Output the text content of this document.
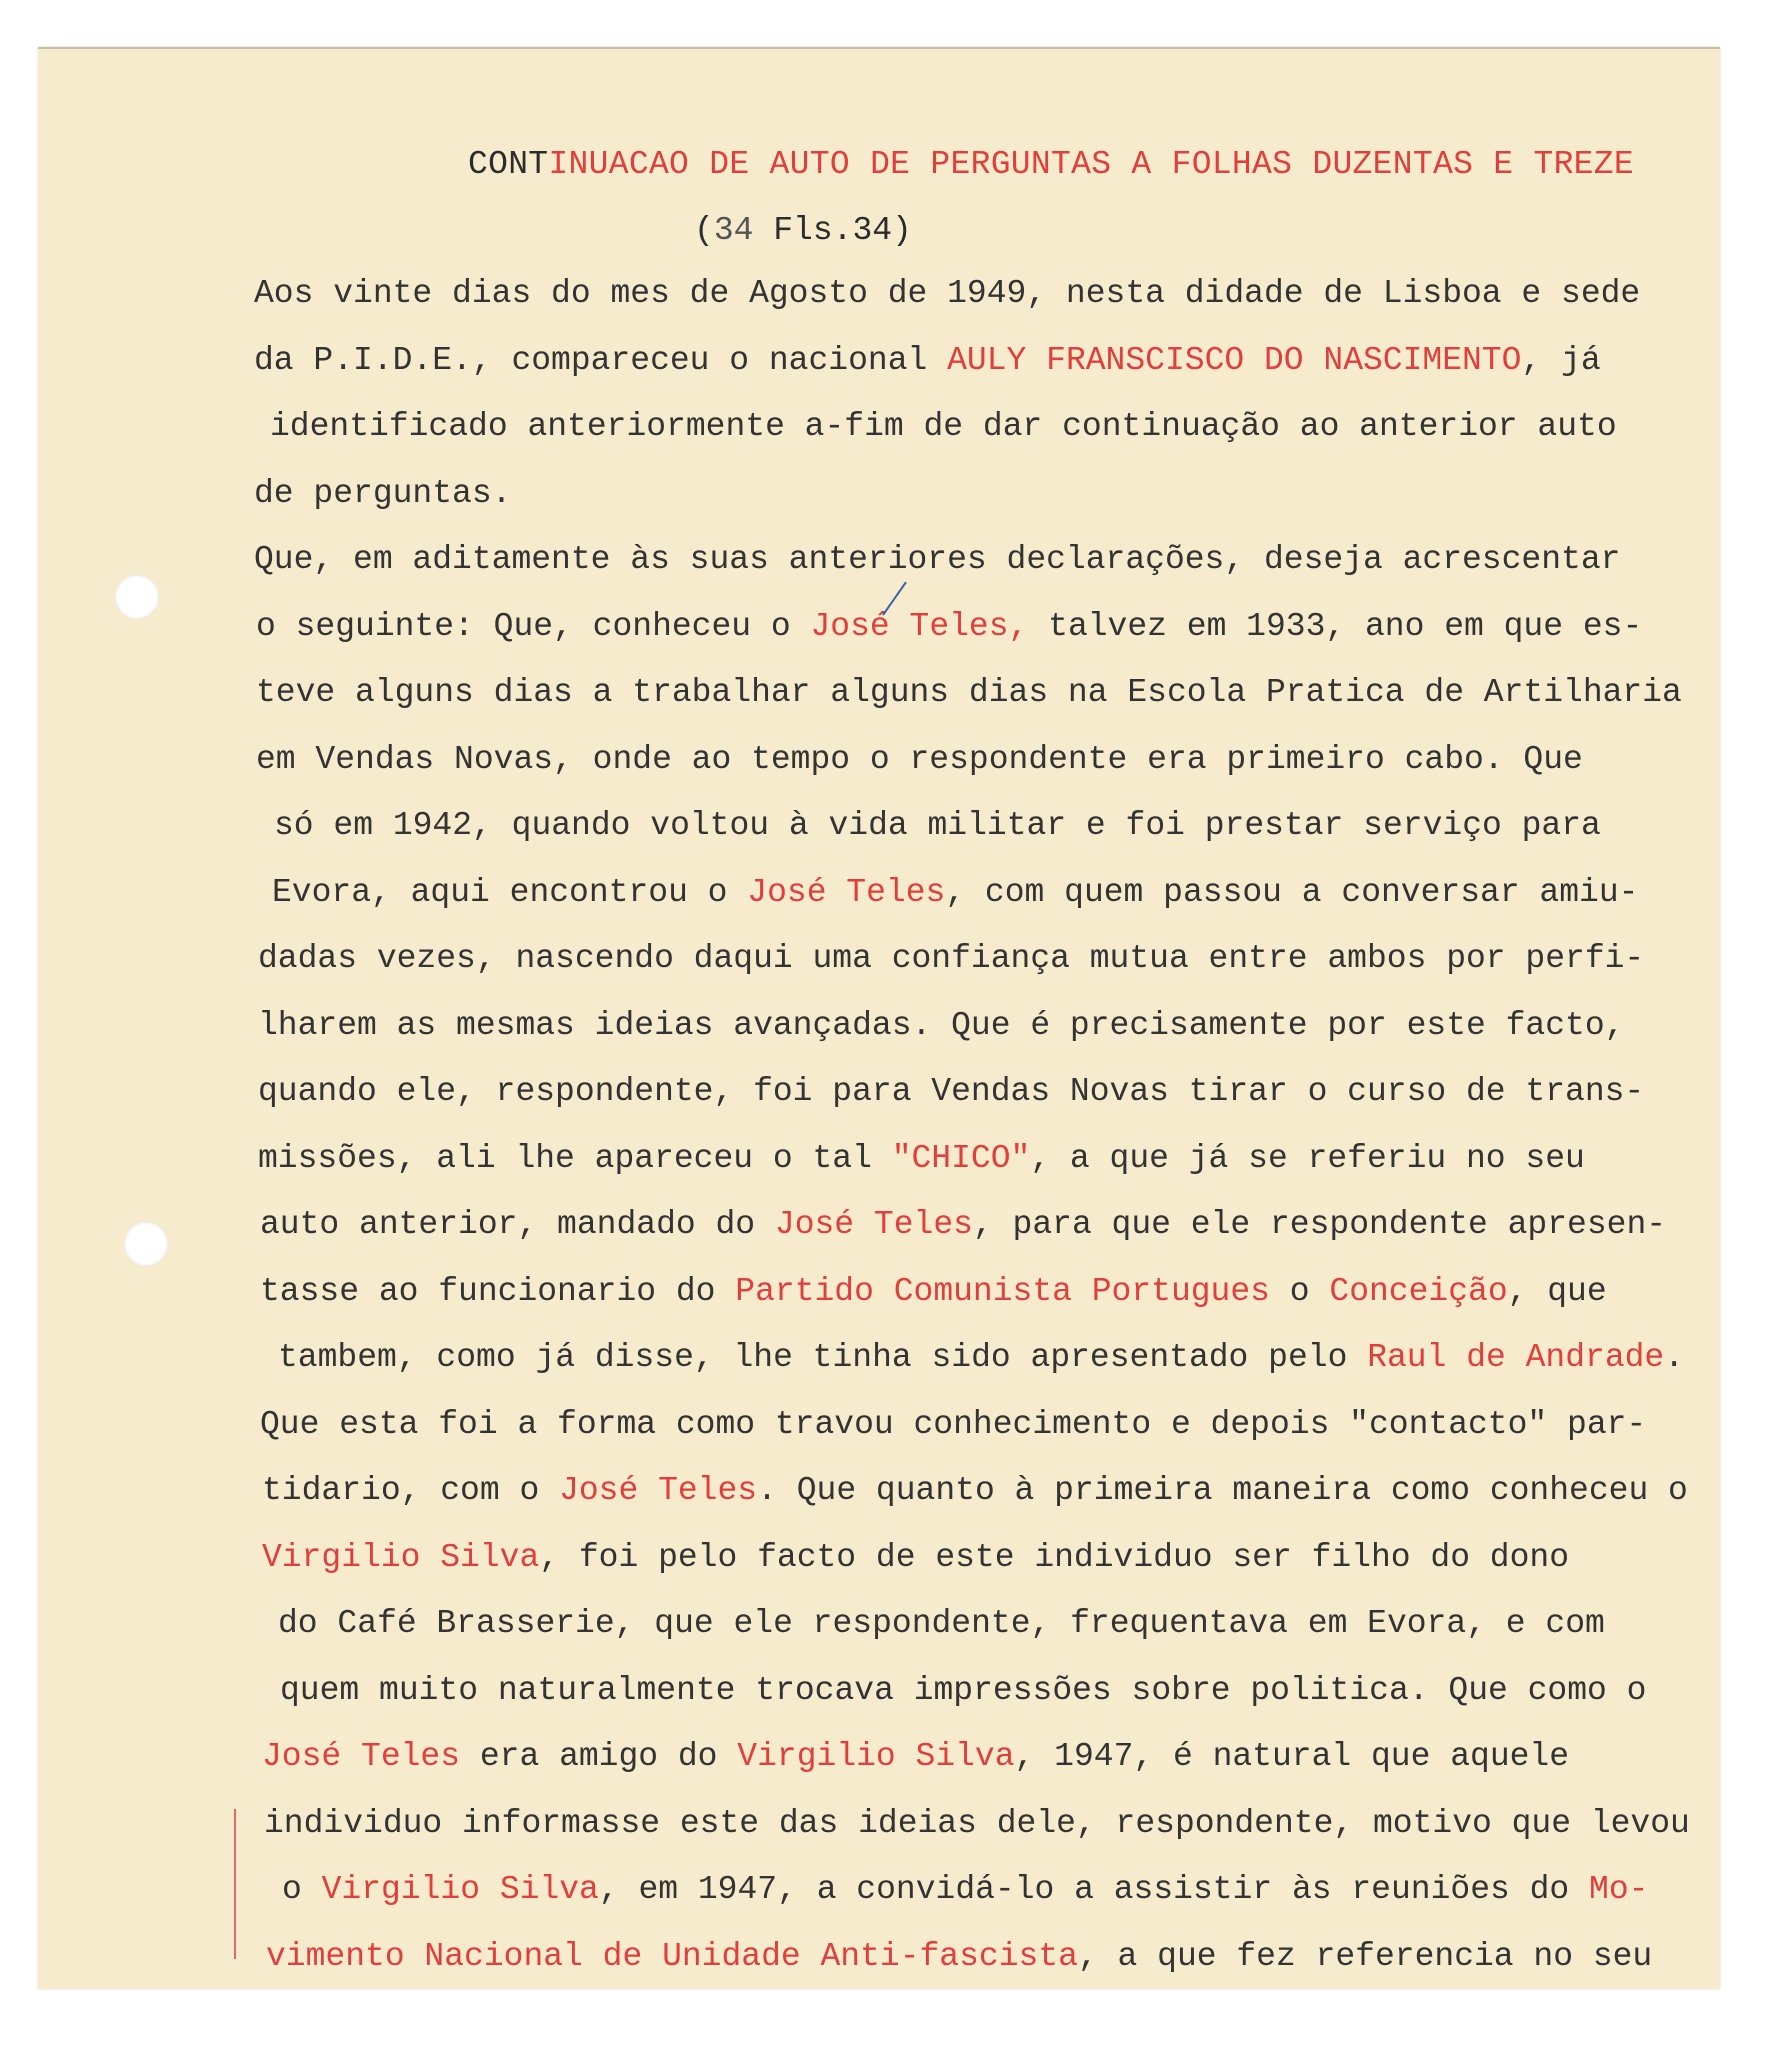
CONTINUACAO DE AUTO DE PERGUNTAS A FOLHAS DUZENTAS E TREZE
(34 Fls.34)
Aos vinte dias do mes de Agosto de 1949, nesta didade de Lisboa e sede
da P.I.D.E., compareceu o nacional AULY FRANSCISCO DO NASCIMENTO, já
identificado anteriormente a-fim de dar continuação ao anterior auto
de perguntas.
Que, em aditamente às suas anteriores declarações, deseja acrescentar
o seguinte: Que, conheceu o José Teles, talvez em 1933, ano em que es-
teve alguns dias a trabalhar alguns dias na Escola Pratica de Artilharia
em Vendas Novas, onde ao tempo o respondente era primeiro cabo. Que
só em 1942, quando voltou à vida militar e foi prestar serviço para
Evora, aqui encontrou o José Teles, com quem passou a conversar amiu-
dadas vezes, nascendo daqui uma confiança mutua entre ambos por perfi-
lharem as mesmas ideias avançadas. Que é precisamente por este facto,
quando ele, respondente, foi para Vendas Novas tirar o curso de trans-
missões, ali lhe apareceu o tal "CHICO", a que já se referiu no seu
auto anterior, mandado do José Teles, para que ele respondente apresen-
tasse ao funcionario do Partido Comunista Portugues o Conceição, que
tambem, como já disse, lhe tinha sido apresentado pelo Raul de Andrade.
Que esta foi a forma como travou conhecimento e depois "contacto" par-
tidario, com o José Teles. Que quanto à primeira maneira como conheceu o
Virgilio Silva, foi pelo facto de este individuo ser filho do dono
do Café Brasserie, que ele respondente, frequentava em Evora, e com
quem muito naturalmente trocava impressões sobre politica. Que como o
José Teles era amigo do Virgilio Silva, 1947, é natural que aquele
individuo informasse este das ideias dele, respondente, motivo que levou
o Virgilio Silva, em 1947, a convidá-lo a assistir às reuniões do Mo-
vimento Nacional de Unidade Anti-fascista, a que fez referencia no seu
